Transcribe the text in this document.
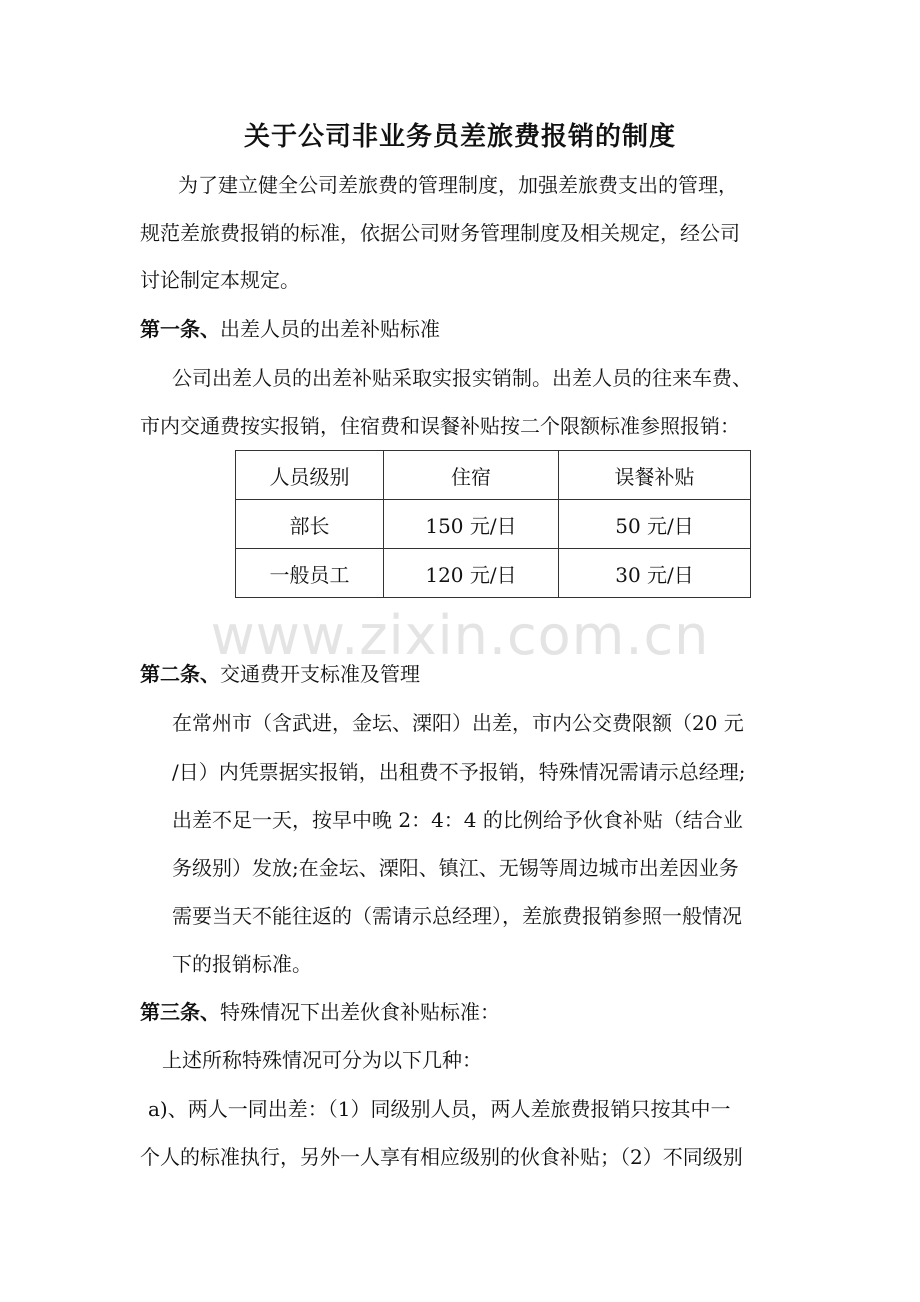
关于公司非业务员差旅费报销的制度
为了建立健全公司差旅费的管理制度，加强差旅费支出的管理，
规范差旅费报销的标准，依据公司财务管理制度及相关规定，经公司
讨论制定本规定。
第一条、出差人员的出差补贴标准
公司出差人员的出差补贴采取实报实销制。出差人员的往来车费、
市内交通费按实报销，住宿费和误餐补贴按二个限额标准参照报销：
人员级别	住宿	误餐补贴
部长	150 元/日	50 元/日
一般员工	120 元/日	30 元/日
www.zixin.com.cn
第二条、交通费开支标准及管理
在常州市（含武进，金坛、溧阳）出差，市内公交费限额（20 元
/日）内凭票据实报销，出租费不予报销，特殊情况需请示总经理;
出差不足一天，按早中晚 2：4：4 的比例给予伙食补贴（结合业
务级别）发放;在金坛、溧阳、镇江、无锡等周边城市出差因业务
需要当天不能往返的（需请示总经理），差旅费报销参照一般情况
下的报销标准。
第三条、特殊情况下出差伙食补贴标准：
上述所称特殊情况可分为以下几种：
a)、两人一同出差：（1）同级别人员，两人差旅费报销只按其中一
个人的标准执行，另外一人享有相应级别的伙食补贴；（2）不同级别
